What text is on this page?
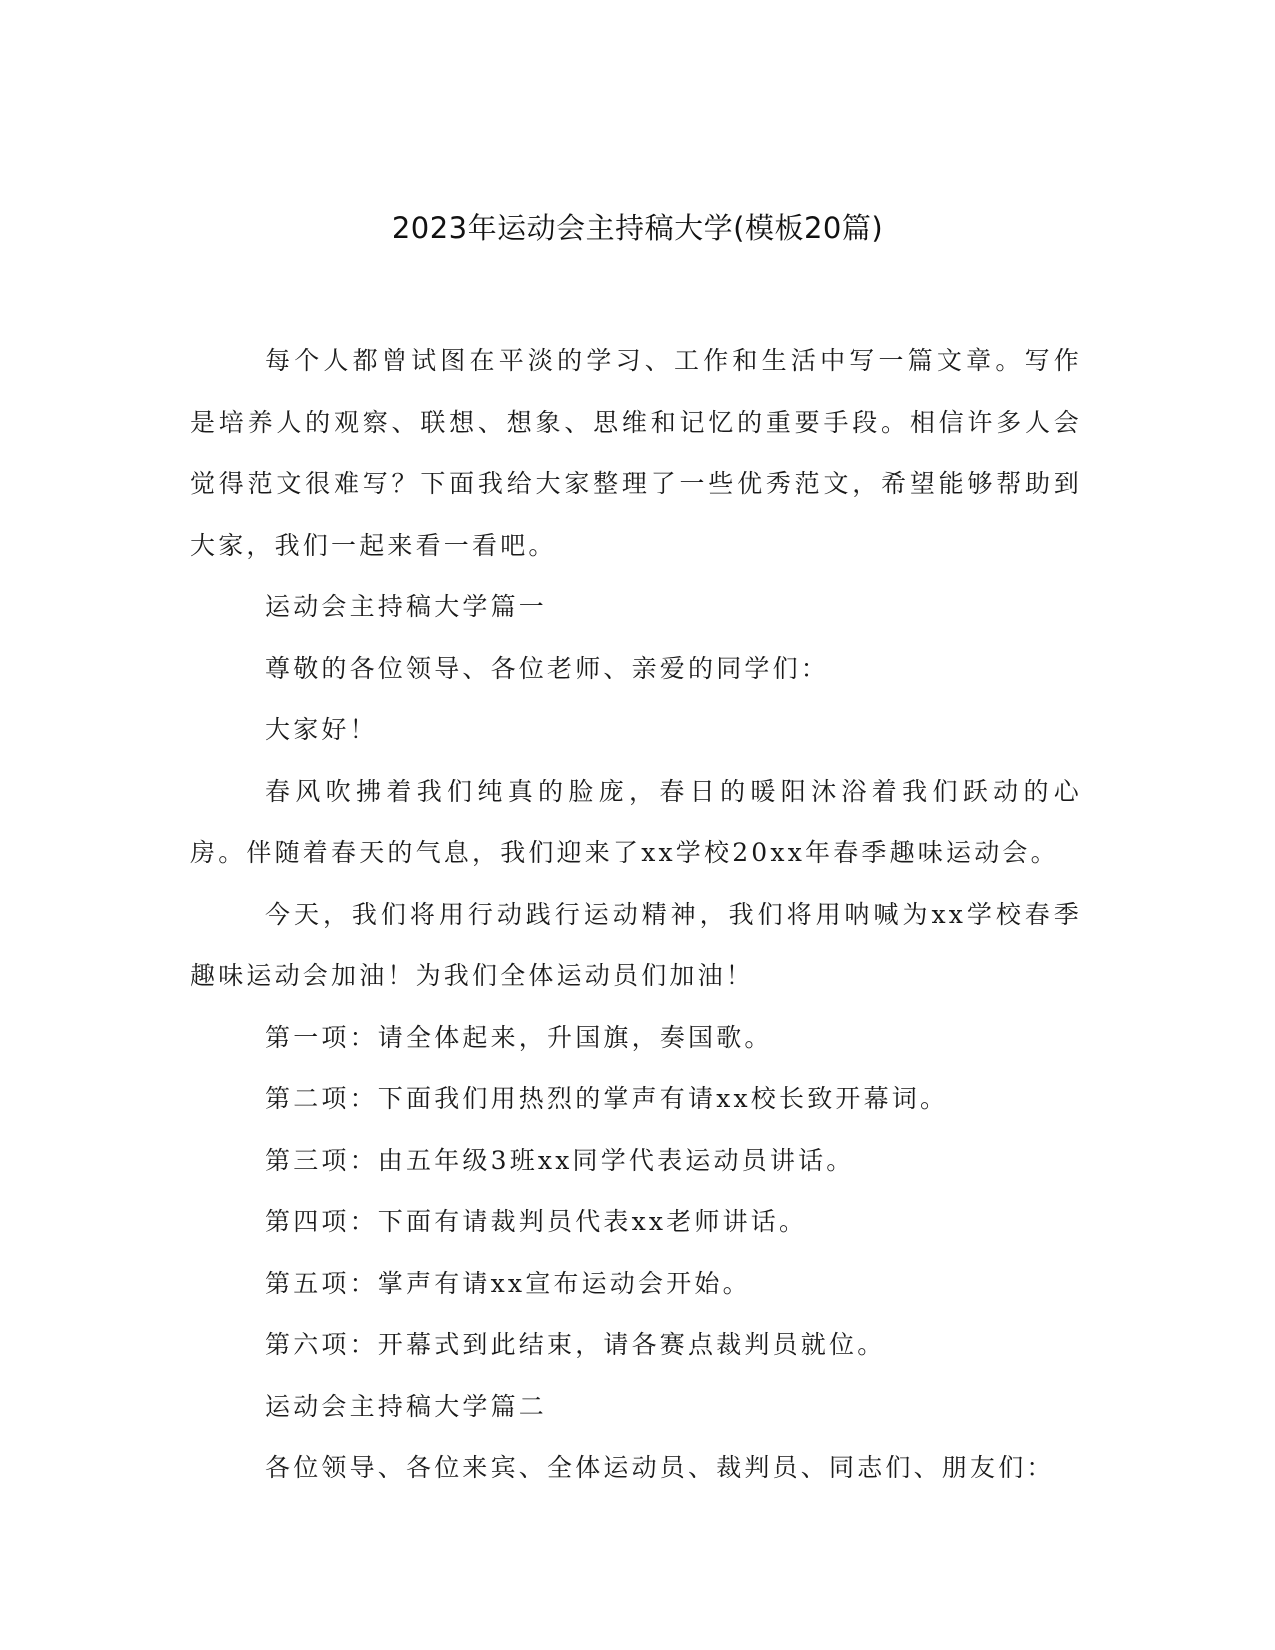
2023年运动会主持稿大学(模板20篇)

每个人都曾试图在平淡的学习、工作和生活中写一篇文章。写作是培养人的观察、联想、想象、思维和记忆的重要手段。相信许多人会觉得范文很难写？下面我给大家整理了一些优秀范文，希望能够帮助到大家，我们一起来看一看吧。

运动会主持稿大学篇一

尊敬的各位领导、各位老师、亲爱的同学们：

大家好！

春风吹拂着我们纯真的脸庞，春日的暖阳沐浴着我们跃动的心房。伴随着春天的气息，我们迎来了xx学校20xx年春季趣味运动会。

今天，我们将用行动践行运动精神，我们将用呐喊为xx学校春季趣味运动会加油！为我们全体运动员们加油！

第一项：请全体起来，升国旗，奏国歌。

第二项：下面我们用热烈的掌声有请xx校长致开幕词。

第三项：由五年级3班xx同学代表运动员讲话。

第四项：下面有请裁判员代表xx老师讲话。

第五项：掌声有请xx宣布运动会开始。

第六项：开幕式到此结束，请各赛点裁判员就位。

运动会主持稿大学篇二

各位领导、各位来宾、全体运动员、裁判员、同志们、朋友们：
